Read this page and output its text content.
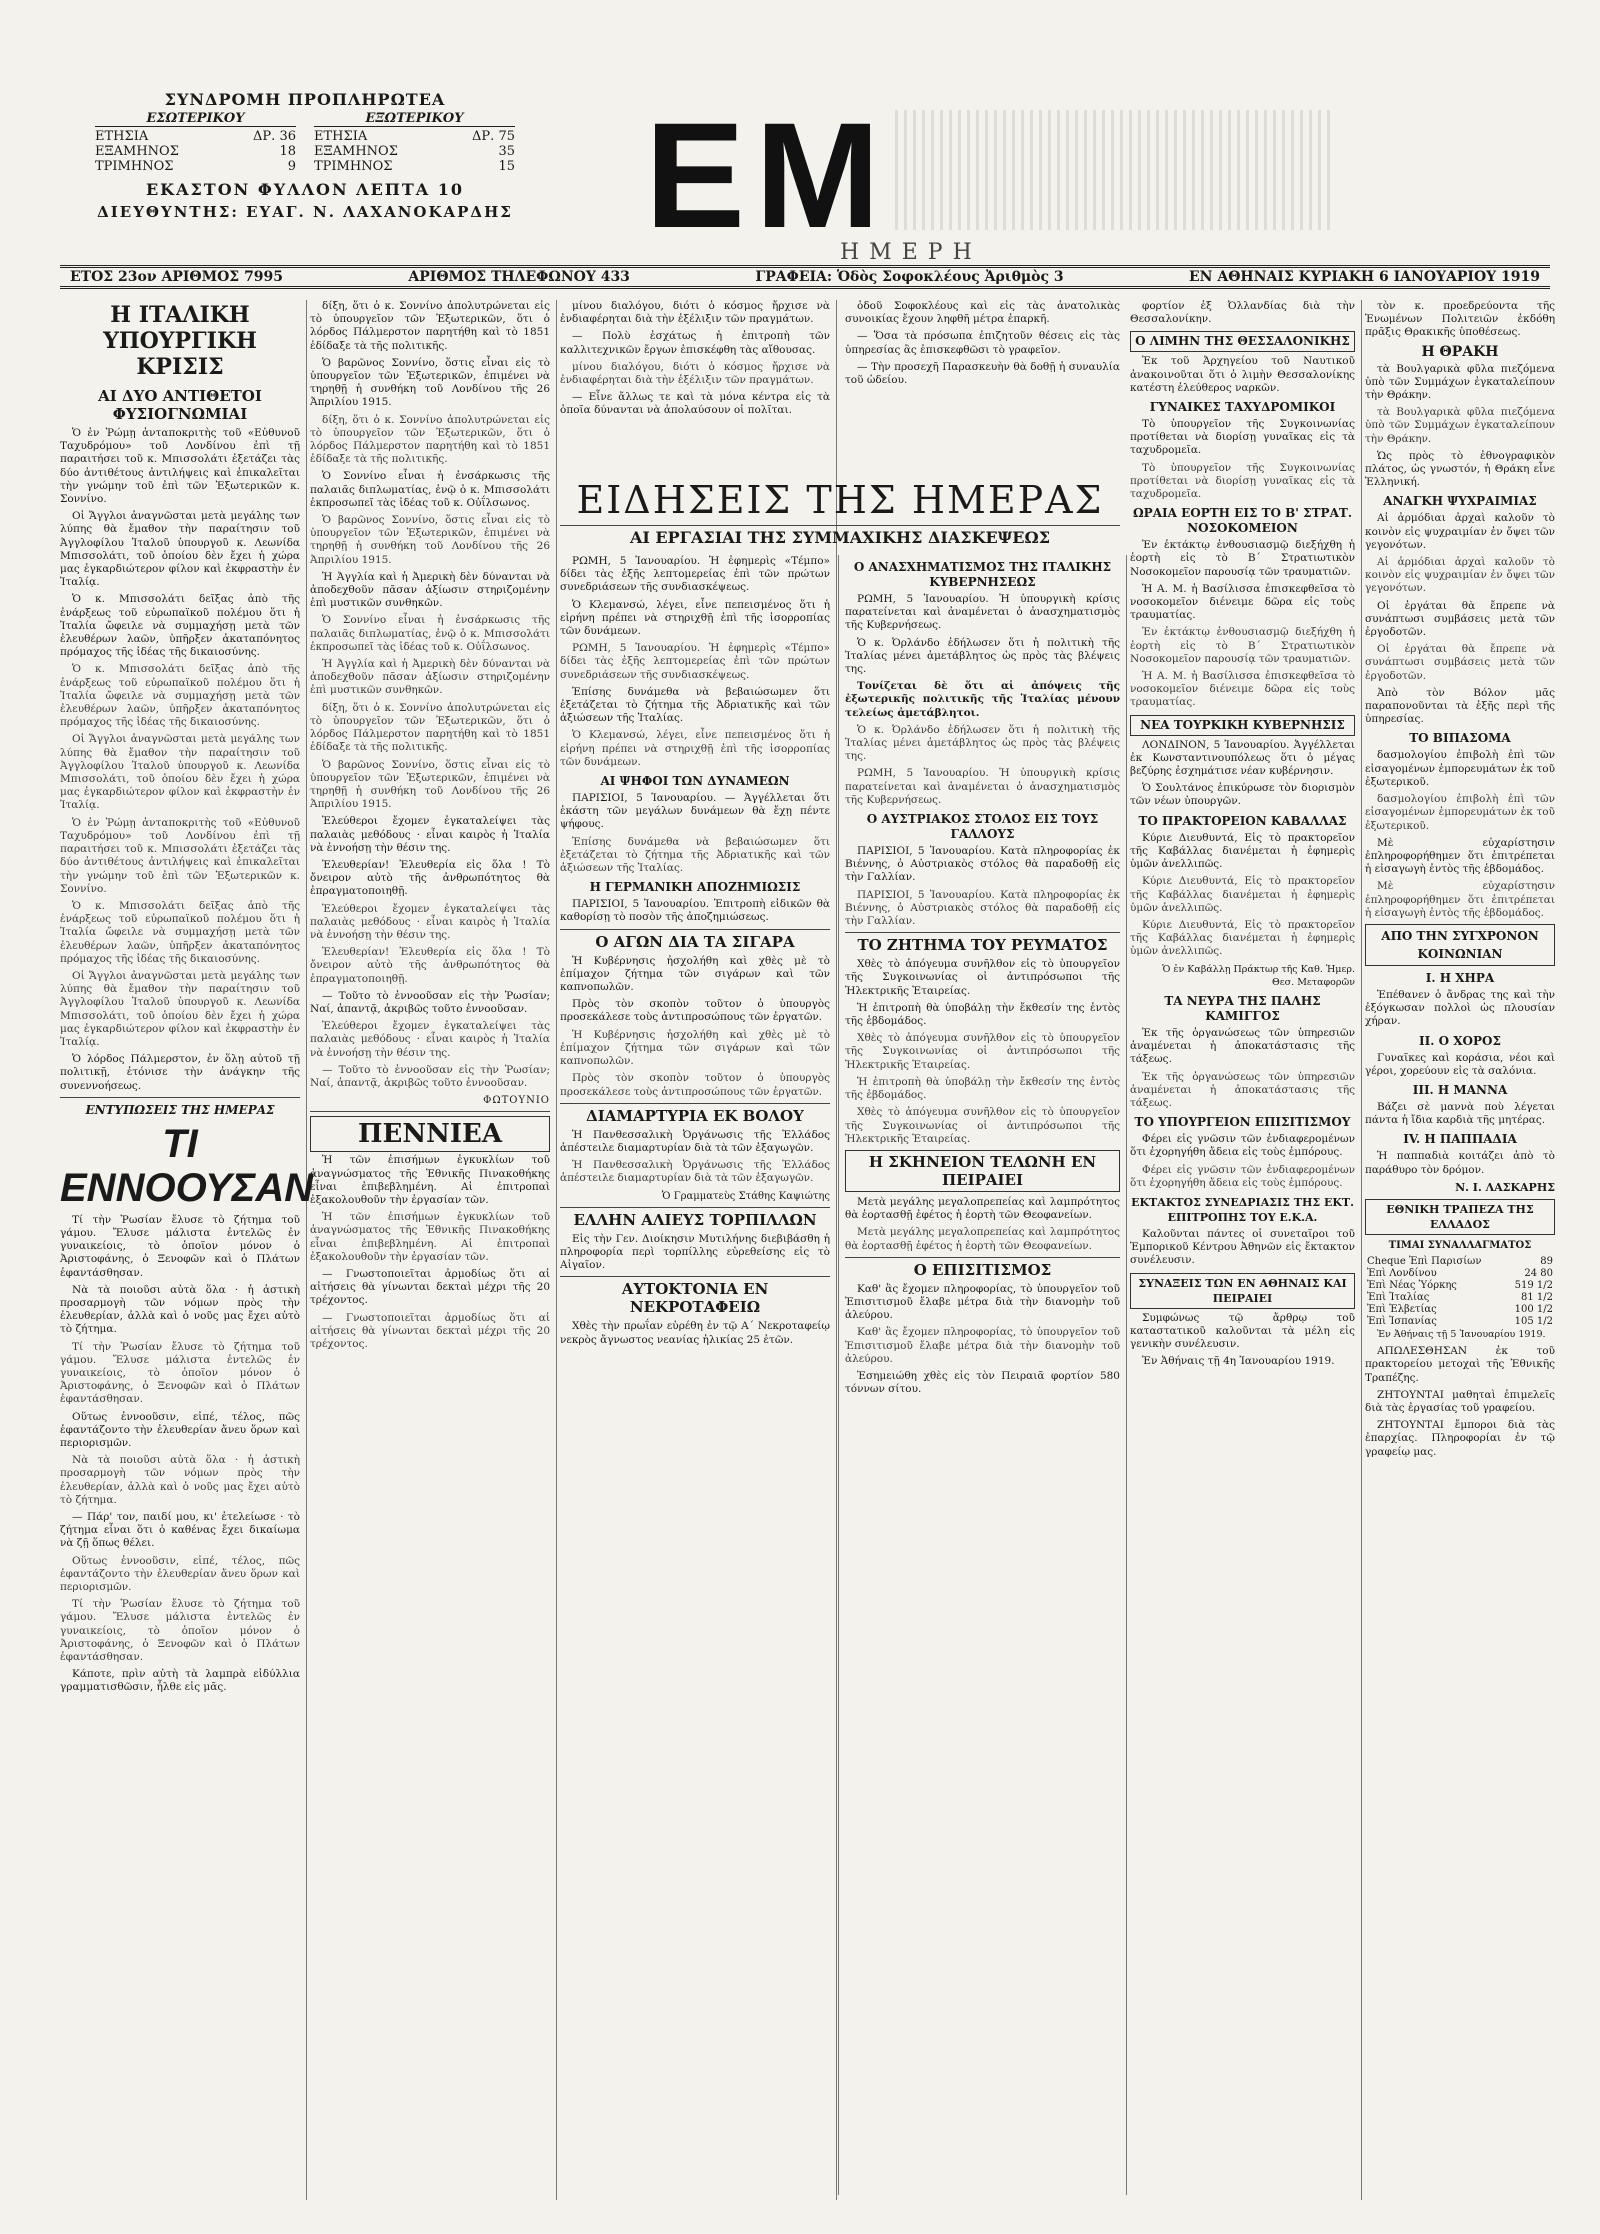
ΣΥΝΔΡΟΜΗ ΠΡΟΠΛΗΡΩΤΕΑ
ΕΣΩΤΕΡΙΚΟΥ
ΕΤΗΣΙΑ	ΔΡ. 36
ΕΞΑΜΗΝΟΣ	18
ΤΡΙΜΗΝΟΣ	9
ΕΞΩΤΕΡΙΚΟΥ
ΕΤΗΣΙΑ	ΔΡ. 75
ΕΞΑΜΗΝΟΣ	35
ΤΡΙΜΗΝΟΣ	15
ΕΚΑΣΤΟΝ ΦΥΛΛΟΝ ΛΕΠΤΑ 10
ΔΙΕΥΘΥΝΤΗΣ: ΕΥΑΓ. Ν. ΛΑΧΑΝΟΚΑΡΔΗΣ ΕΜ
ΗΜΕΡΗ
ΕΤΟΣ 23ον ΑΡΙΘΜΟΣ 7995	ΑΡΙΘΜΟΣ ΤΗΛΕΦΩΝΟΥ 433	ΓΡΑΦΕΙΑ: Ὁδὸς Σοφοκλέους Ἀριθμὸς 3	ΕΝ ΑΘΗΝΑΙΣ ΚΥΡΙΑΚΗ 6 ΙΑΝΟΥΑΡΙΟΥ 1919
Η ΙΤΑΛΙΚΗ ΥΠΟΥΡΓΙΚΗ ΚΡΙΣΙΣ
ΑΙ ΔΥΟ ΑΝΤΙΘΕΤΟΙ ΦΥΣΙΟΓΝΩΜΙΑΙ

Ὁ ἐν Ῥώμῃ ἀνταποκριτὴς τοῦ «Εὐθυνοῦ Ταχυδρόμου» τοῦ Λονδίνου ἐπὶ τῇ παραιτήσει τοῦ κ. Μπισσολάτι ἐξετάζει τὰς δύο ἀντιθέτους ἀντιλήψεις καὶ ἐπικαλεῖται τὴν γνώμην τοῦ ἐπὶ τῶν Ἐξωτερικῶν κ. Σοννίνο.

Οἱ Ἄγγλοι ἀναγνῶσται μετὰ μεγάλης των λύπης θὰ ἔμαθον τὴν παραίτησιν τοῦ Ἀγγλοφίλου Ἰταλοῦ ὑπουργοῦ κ. Λεωνίδα Μπισσολάτι, τοῦ ὁποίου δὲν ἔχει ἡ χώρα μας ἐγκαρδιώτερον φίλον καὶ ἐκφραστὴν ἐν Ἰταλίᾳ.

Ὁ κ. Μπισσολάτι δεῖξας ἀπὸ τῆς ἐνάρξεως τοῦ εὐρωπαϊκοῦ πολέμου ὅτι ἡ Ἰταλία ὤφειλε νὰ συμμαχήσῃ μετὰ τῶν ἐλευθέρων λαῶν, ὑπῆρξεν ἀκαταπόνητος πρόμαχος τῆς ἰδέας τῆς δικαιοσύνης.

Ὁ κ. Μπισσολάτι δεῖξας ἀπὸ τῆς ἐνάρξεως τοῦ εὐρωπαϊκοῦ πολέμου ὅτι ἡ Ἰταλία ὤφειλε νὰ συμμαχήσῃ μετὰ τῶν ἐλευθέρων λαῶν, ὑπῆρξεν ἀκαταπόνητος πρόμαχος τῆς ἰδέας τῆς δικαιοσύνης.

Οἱ Ἄγγλοι ἀναγνῶσται μετὰ μεγάλης των λύπης θὰ ἔμαθον τὴν παραίτησιν τοῦ Ἀγγλοφίλου Ἰταλοῦ ὑπουργοῦ κ. Λεωνίδα Μπισσολάτι, τοῦ ὁποίου δὲν ἔχει ἡ χώρα μας ἐγκαρδιώτερον φίλον καὶ ἐκφραστὴν ἐν Ἰταλίᾳ.

Ὁ ἐν Ῥώμῃ ἀνταποκριτὴς τοῦ «Εὐθυνοῦ Ταχυδρόμου» τοῦ Λονδίνου ἐπὶ τῇ παραιτήσει τοῦ κ. Μπισσολάτι ἐξετάζει τὰς δύο ἀντιθέτους ἀντιλήψεις καὶ ἐπικαλεῖται τὴν γνώμην τοῦ ἐπὶ τῶν Ἐξωτερικῶν κ. Σοννίνο.

Ὁ κ. Μπισσολάτι δεῖξας ἀπὸ τῆς ἐνάρξεως τοῦ εὐρωπαϊκοῦ πολέμου ὅτι ἡ Ἰταλία ὤφειλε νὰ συμμαχήσῃ μετὰ τῶν ἐλευθέρων λαῶν, ὑπῆρξεν ἀκαταπόνητος πρόμαχος τῆς ἰδέας τῆς δικαιοσύνης.

Οἱ Ἄγγλοι ἀναγνῶσται μετὰ μεγάλης των λύπης θὰ ἔμαθον τὴν παραίτησιν τοῦ Ἀγγλοφίλου Ἰταλοῦ ὑπουργοῦ κ. Λεωνίδα Μπισσολάτι, τοῦ ὁποίου δὲν ἔχει ἡ χώρα μας ἐγκαρδιώτερον φίλον καὶ ἐκφραστὴν ἐν Ἰταλίᾳ.

Ὁ λόρδος Πάλμερστον, ἐν ὅλῃ αὐτοῦ τῇ πολιτικῇ, ἐτόνισε τὴν ἀνάγκην τῆς συνεννοήσεως.

ΕΝΤΥΠΩΣΕΙΣ ΤΗΣ ΗΜΕΡΑΣ
ΤΙ ΕΝΝΟΟΥΣΑΝ

Τί τὴν Ῥωσίαν ἔλυσε τὸ ζήτημα τοῦ γάμου. Ἔλυσε μάλιστα ἐντελῶς ἐν γυναικείοις, τὸ ὁποῖον μόνον ὁ Ἀριστοφάνης, ὁ Ξενοφῶν καὶ ὁ Πλάτων ἐφαντάσθησαν.

Νὰ τὰ ποιοῦσι αὐτὰ ὅλα · ἡ ἀστικὴ προσαρμογὴ τῶν νόμων πρὸς τὴν ἐλευθερίαν, ἀλλὰ καὶ ὁ νοῦς μας ἔχει αὐτὸ τὸ ζήτημα.

Τί τὴν Ῥωσίαν ἔλυσε τὸ ζήτημα τοῦ γάμου. Ἔλυσε μάλιστα ἐντελῶς ἐν γυναικείοις, τὸ ὁποῖον μόνον ὁ Ἀριστοφάνης, ὁ Ξενοφῶν καὶ ὁ Πλάτων ἐφαντάσθησαν.

Οὕτως ἐννοοῦσιν, εἰπέ, τέλος, πῶς ἐφαντάζοντο τὴν ἐλευθερίαν ἄνευ ὅρων καὶ περιορισμῶν.

Νὰ τὰ ποιοῦσι αὐτὰ ὅλα · ἡ ἀστικὴ προσαρμογὴ τῶν νόμων πρὸς τὴν ἐλευθερίαν, ἀλλὰ καὶ ὁ νοῦς μας ἔχει αὐτὸ τὸ ζήτημα.

— Πάρ' τον, παιδί μου, κι' ἐτελείωσε · τὸ ζήτημα εἶναι ὅτι ὁ καθένας ἔχει δικαίωμα νὰ ζῇ ὅπως θέλει.

Οὕτως ἐννοοῦσιν, εἰπέ, τέλος, πῶς ἐφαντάζοντο τὴν ἐλευθερίαν ἄνευ ὅρων καὶ περιορισμῶν.

Τί τὴν Ῥωσίαν ἔλυσε τὸ ζήτημα τοῦ γάμου. Ἔλυσε μάλιστα ἐντελῶς ἐν γυναικείοις, τὸ ὁποῖον μόνον ὁ Ἀριστοφάνης, ὁ Ξενοφῶν καὶ ὁ Πλάτων ἐφαντάσθησαν.

Κάποτε, πρὶν αὐτὴ τὰ λαμπρὰ εἰδύλλια γραμματισθῶσιν, ἦλθε εἰς μᾶς.

δίξη, ὅτι ὁ κ. Σοννίνο ἀπολυτρώνεται εἰς τὸ ὑπουργεῖον τῶν Ἐξωτερικῶν, ὅτι ὁ λόρδος Πάλμερστον παρητήθη καὶ τὸ 1851 ἐδίδαξε τὰ τῆς πολιτικῆς.

Ὁ βαρῶνος Σοννίνο, ὅστις εἶναι εἰς τὸ ὑπουργεῖον τῶν Ἐξωτερικῶν, ἐπιμένει νὰ τηρηθῇ ἡ συνθήκη τοῦ Λονδίνου τῆς 26 Ἀπριλίου 1915.

δίξη, ὅτι ὁ κ. Σοννίνο ἀπολυτρώνεται εἰς τὸ ὑπουργεῖον τῶν Ἐξωτερικῶν, ὅτι ὁ λόρδος Πάλμερστον παρητήθη καὶ τὸ 1851 ἐδίδαξε τὰ τῆς πολιτικῆς.

Ὁ Σοννίνο εἶναι ἡ ἐνσάρκωσις τῆς παλαιᾶς διπλωματίας, ἐνῷ ὁ κ. Μπισσολάτι ἐκπροσωπεῖ τὰς ἰδέας τοῦ κ. Οὐΐλσωνος.

Ὁ βαρῶνος Σοννίνο, ὅστις εἶναι εἰς τὸ ὑπουργεῖον τῶν Ἐξωτερικῶν, ἐπιμένει νὰ τηρηθῇ ἡ συνθήκη τοῦ Λονδίνου τῆς 26 Ἀπριλίου 1915.

Ἡ Ἀγγλία καὶ ἡ Ἀμερικὴ δὲν δύνανται νὰ ἀποδεχθοῦν πᾶσαν ἀξίωσιν στηριζομένην ἐπὶ μυστικῶν συνθηκῶν.

Ὁ Σοννίνο εἶναι ἡ ἐνσάρκωσις τῆς παλαιᾶς διπλωματίας, ἐνῷ ὁ κ. Μπισσολάτι ἐκπροσωπεῖ τὰς ἰδέας τοῦ κ. Οὐΐλσωνος.

Ἡ Ἀγγλία καὶ ἡ Ἀμερικὴ δὲν δύνανται νὰ ἀποδεχθοῦν πᾶσαν ἀξίωσιν στηριζομένην ἐπὶ μυστικῶν συνθηκῶν.

δίξη, ὅτι ὁ κ. Σοννίνο ἀπολυτρώνεται εἰς τὸ ὑπουργεῖον τῶν Ἐξωτερικῶν, ὅτι ὁ λόρδος Πάλμερστον παρητήθη καὶ τὸ 1851 ἐδίδαξε τὰ τῆς πολιτικῆς.

Ὁ βαρῶνος Σοννίνο, ὅστις εἶναι εἰς τὸ ὑπουργεῖον τῶν Ἐξωτερικῶν, ἐπιμένει νὰ τηρηθῇ ἡ συνθήκη τοῦ Λονδίνου τῆς 26 Ἀπριλίου 1915.

Ἐλεύθεροι ἔχομεν ἐγκαταλείψει τὰς παλαιὰς μεθόδους · εἶναι καιρὸς ἡ Ἰταλία νὰ ἐννοήσῃ τὴν θέσιν της.

Ἐλευθερίαν! Ἐλευθερία εἰς ὅλα ! Τὸ ὄνειρον αὐτὸ τῆς ἀνθρωπότητος θὰ ἐπραγματοποιηθῇ.

Ἐλεύθεροι ἔχομεν ἐγκαταλείψει τὰς παλαιὰς μεθόδους · εἶναι καιρὸς ἡ Ἰταλία νὰ ἐννοήσῃ τὴν θέσιν της.

Ἐλευθερίαν! Ἐλευθερία εἰς ὅλα ! Τὸ ὄνειρον αὐτὸ τῆς ἀνθρωπότητος θὰ ἐπραγματοποιηθῇ.

— Τοῦτο τὸ ἐννοοῦσαν εἰς τὴν Ῥωσίαν; Ναί, ἀπαντᾷ, ἀκριβῶς τοῦτο ἐννοοῦσαν.

Ἐλεύθεροι ἔχομεν ἐγκαταλείψει τὰς παλαιὰς μεθόδους · εἶναι καιρὸς ἡ Ἰταλία νὰ ἐννοήσῃ τὴν θέσιν της.

— Τοῦτο τὸ ἐννοοῦσαν εἰς τὴν Ῥωσίαν; Ναί, ἀπαντᾷ, ἀκριβῶς τοῦτο ἐννοοῦσαν.

ΦΩΤΟΥΝΙΟ
ΠΕΝΝΙΕΑ

Ἡ τῶν ἐπισήμων ἐγκυκλίων τοῦ ἀναγνώσματος τῆς Ἐθνικῆς Πινακοθήκης εἶναι ἐπιβεβλημένη. Αἱ ἐπιτροπαὶ ἐξακολουθοῦν τὴν ἐργασίαν τῶν.

Ἡ τῶν ἐπισήμων ἐγκυκλίων τοῦ ἀναγνώσματος τῆς Ἐθνικῆς Πινακοθήκης εἶναι ἐπιβεβλημένη. Αἱ ἐπιτροπαὶ ἐξακολουθοῦν τὴν ἐργασίαν τῶν.

— Γνωστοποιεῖται ἀρμοδίως ὅτι αἱ αἰτήσεις θὰ γίνωνται δεκταὶ μέχρι τῆς 20 τρέχοντος.

— Γνωστοποιεῖται ἀρμοδίως ὅτι αἱ αἰτήσεις θὰ γίνωνται δεκταὶ μέχρι τῆς 20 τρέχοντος.

μίνου διαλόγου, διότι ὁ κόσμος ἤρχισε νὰ ἐνδιαφέρηται διὰ τὴν ἐξέλιξιν τῶν πραγμάτων.

— Πολὺ ἐσχάτως ἡ ἐπιτροπὴ τῶν καλλιτεχνικῶν ἔργων ἐπισκέφθη τὰς αἴθουσας.

μίνου διαλόγου, διότι ὁ κόσμος ἤρχισε νὰ ἐνδιαφέρηται διὰ τὴν ἐξέλιξιν τῶν πραγμάτων.

— Εἶνε ἄλλως τε καὶ τὰ μόνα κέντρα εἰς τὰ ὁποῖα δύνανται νὰ ἀπολαύσουν οἱ πολῖται.

ΕΙΔΗΣΕΙΣ ΤΗΣ ΗΜΕΡΑΣ
ΑΙ ΕΡΓΑΣΙΑΙ ΤΗΣ ΣΥΜΜΑΧΙΚΗΣ ΔΙΑΣΚΕΨΕΩΣ

ΡΩΜΗ, 5 Ἰανουαρίου. Ἡ ἐφημερὶς «Τέμπο» δίδει τὰς ἐξῆς λεπτομερείας ἐπὶ τῶν πρώτων συνεδριάσεων τῆς συνδιασκέψεως.

Ὁ Κλεμανσώ, λέγει, εἶνε πεπεισμένος ὅτι ἡ εἰρήνη πρέπει νὰ στηριχθῇ ἐπὶ τῆς ἰσορροπίας τῶν δυνάμεων.

ΡΩΜΗ, 5 Ἰανουαρίου. Ἡ ἐφημερὶς «Τέμπο» δίδει τὰς ἐξῆς λεπτομερείας ἐπὶ τῶν πρώτων συνεδριάσεων τῆς συνδιασκέψεως.

Ἐπίσης δυνάμεθα νὰ βεβαιώσωμεν ὅτι ἐξετάζεται τὸ ζήτημα τῆς Ἀδριατικῆς καὶ τῶν ἀξιώσεων τῆς Ἰταλίας.

Ὁ Κλεμανσώ, λέγει, εἶνε πεπεισμένος ὅτι ἡ εἰρήνη πρέπει νὰ στηριχθῇ ἐπὶ τῆς ἰσορροπίας τῶν δυνάμεων.

ΑΙ ΨΗΦΟΙ ΤΩΝ ΔΥΝΑΜΕΩΝ

ΠΑΡΙΣΙΟΙ, 5 Ἰανουαρίου. — Ἀγγέλλεται ὅτι ἑκάστη τῶν μεγάλων δυνάμεων θὰ ἔχῃ πέντε ψήφους.

Ἐπίσης δυνάμεθα νὰ βεβαιώσωμεν ὅτι ἐξετάζεται τὸ ζήτημα τῆς Ἀδριατικῆς καὶ τῶν ἀξιώσεων τῆς Ἰταλίας.

Η ΓΕΡΜΑΝΙΚΗ ΑΠΟΖΗΜΙΩΣΙΣ

ΠΑΡΙΣΙΟΙ, 5 Ἰανουαρίου. Ἐπιτροπὴ εἰδικῶν θὰ καθορίσῃ τὸ ποσὸν τῆς ἀποζημιώσεως.

Ο ΑΓΩΝ ΔΙΑ ΤΑ ΣΙΓΑΡΑ

Ἡ Κυβέρνησις ἠσχολήθη καὶ χθὲς μὲ τὸ ἐπίμαχον ζήτημα τῶν σιγάρων καὶ τῶν καπνοπωλῶν.

Πρὸς τὸν σκοπὸν τοῦτον ὁ ὑπουργὸς προσεκάλεσε τοὺς ἀντιπροσώπους τῶν ἐργατῶν.

Ἡ Κυβέρνησις ἠσχολήθη καὶ χθὲς μὲ τὸ ἐπίμαχον ζήτημα τῶν σιγάρων καὶ τῶν καπνοπωλῶν.

Πρὸς τὸν σκοπὸν τοῦτον ὁ ὑπουργὸς προσεκάλεσε τοὺς ἀντιπροσώπους τῶν ἐργατῶν.

ΔΙΑΜΑΡΤΥΡΙΑ ΕΚ ΒΟΛΟΥ

Ἡ Πανθεσσαλικὴ Ὀργάνωσις τῆς Ἑλλάδος ἀπέστειλε διαμαρτυρίαν διὰ τὰ τῶν ἐξαγωγῶν.

Ἡ Πανθεσσαλικὴ Ὀργάνωσις τῆς Ἑλλάδος ἀπέστειλε διαμαρτυρίαν διὰ τὰ τῶν ἐξαγωγῶν.

Ὁ Γραμματεὺς Στάθης Καψιώτης
ΕΛΛΗΝ ΑΛΙΕΥΣ ΤΟΡΠΙΛΛΩΝ

Εἰς τὴν Γεν. Διοίκησιν Μυτιλήνης διεβιβάσθη ἡ πληροφορία περὶ τορπίλλης εὑρεθείσης εἰς τὸ Αἰγαῖον.

ΑΥΤΟΚΤΟΝΙΑ ΕΝ ΝΕΚΡΟΤΑΦΕΙΩ

Χθὲς τὴν πρωΐαν εὑρέθη ἐν τῷ Α΄ Νεκροταφείῳ νεκρὸς ἄγνωστος νεανίας ἡλικίας 25 ἐτῶν.

ὁδοῦ Σοφοκλέους καὶ εἰς τὰς ἀνατολικὰς συνοικίας ἔχουν ληφθῆ μέτρα ἐπαρκῆ.

— Ὅσα τὰ πρόσωπα ἐπιζητοῦν θέσεις εἰς τὰς ὑπηρεσίας ἂς ἐπισκεφθῶσι τὸ γραφεῖον.

— Τὴν προσεχῆ Παρασκευὴν θὰ δοθῇ ἡ συναυλία τοῦ ὠδείου.

Ο ΑΝΑΣΧΗΜΑΤΙΣΜΟΣ ΤΗΣ ΙΤΑΛΙΚΗΣ ΚΥΒΕΡΝΗΣΕΩΣ

ΡΩΜΗ, 5 Ἰανουαρίου. Ἡ ὑπουργικὴ κρίσις παρατείνεται καὶ ἀναμένεται ὁ ἀνασχηματισμὸς τῆς Κυβερνήσεως.

Ὁ κ. Ὀρλάνδο ἐδήλωσεν ὅτι ἡ πολιτικὴ τῆς Ἰταλίας μένει ἀμετάβλητος ὡς πρὸς τὰς βλέψεις της.

Τονίζεται δὲ ὅτι αἱ ἀπόψεις τῆς ἐξωτερικῆς πολιτικῆς τῆς Ἰταλίας μένουν τελείως ἀμετάβλητοι.

Ὁ κ. Ὀρλάνδο ἐδήλωσεν ὅτι ἡ πολιτικὴ τῆς Ἰταλίας μένει ἀμετάβλητος ὡς πρὸς τὰς βλέψεις της.

ΡΩΜΗ, 5 Ἰανουαρίου. Ἡ ὑπουργικὴ κρίσις παρατείνεται καὶ ἀναμένεται ὁ ἀνασχηματισμὸς τῆς Κυβερνήσεως.

Ο ΑΥΣΤΡΙΑΚΟΣ ΣΤΟΛΟΣ ΕΙΣ ΤΟΥΣ ΓΑΛΛΟΥΣ

ΠΑΡΙΣΙΟΙ, 5 Ἰανουαρίου. Κατὰ πληροφορίας ἐκ Βιέννης, ὁ Αὐστριακὸς στόλος θὰ παραδοθῇ εἰς τὴν Γαλλίαν.

ΠΑΡΙΣΙΟΙ, 5 Ἰανουαρίου. Κατὰ πληροφορίας ἐκ Βιέννης, ὁ Αὐστριακὸς στόλος θὰ παραδοθῇ εἰς τὴν Γαλλίαν.

ΤΟ ΖΗΤΗΜΑ ΤΟΥ ΡΕΥΜΑΤΟΣ

Χθὲς τὸ ἀπόγευμα συνῆλθον εἰς τὸ ὑπουργεῖον τῆς Συγκοινωνίας οἱ ἀντιπρόσωποι τῆς Ἠλεκτρικῆς Ἑταιρείας.

Ἡ ἐπιτροπὴ θὰ ὑποβάλῃ τὴν ἔκθεσίν της ἐντὸς τῆς ἑβδομάδος.

Χθὲς τὸ ἀπόγευμα συνῆλθον εἰς τὸ ὑπουργεῖον τῆς Συγκοινωνίας οἱ ἀντιπρόσωποι τῆς Ἠλεκτρικῆς Ἑταιρείας.

Ἡ ἐπιτροπὴ θὰ ὑποβάλῃ τὴν ἔκθεσίν της ἐντὸς τῆς ἑβδομάδος.

Χθὲς τὸ ἀπόγευμα συνῆλθον εἰς τὸ ὑπουργεῖον τῆς Συγκοινωνίας οἱ ἀντιπρόσωποι τῆς Ἠλεκτρικῆς Ἑταιρείας.

Η ΣΚΗΝΕΙΟΝ ΤΕΛΩΝΗ ΕΝ ΠΕΙΡΑΙΕΙ

Μετὰ μεγάλης μεγαλοπρεπείας καὶ λαμπρότητος θὰ ἑορτασθῇ ἐφέτος ἡ ἑορτὴ τῶν Θεοφανείων.

Μετὰ μεγάλης μεγαλοπρεπείας καὶ λαμπρότητος θὰ ἑορτασθῇ ἐφέτος ἡ ἑορτὴ τῶν Θεοφανείων.

Ο ΕΠΙΣΙΤΙΣΜΟΣ

Καθ' ἃς ἔχομεν πληροφορίας, τὸ ὑπουργεῖον τοῦ Ἐπισιτισμοῦ ἔλαβε μέτρα διὰ τὴν διανομὴν τοῦ ἀλεύρου.

Καθ' ἃς ἔχομεν πληροφορίας, τὸ ὑπουργεῖον τοῦ Ἐπισιτισμοῦ ἔλαβε μέτρα διὰ τὴν διανομὴν τοῦ ἀλεύρου.

Ἐσημειώθη χθὲς εἰς τὸν Πειραιᾶ φορτίον 580 τόννων σίτου.

φορτίον ἐξ Ὀλλανδίας διὰ τὴν Θεσσαλονίκην.

Ο ΛΙΜΗΝ ΤΗΣ ΘΕΣΣΑΛΟΝΙΚΗΣ

Ἐκ τοῦ Ἀρχηγείου τοῦ Ναυτικοῦ ἀνακοινοῦται ὅτι ὁ λιμὴν Θεσσαλονίκης κατέστη ἐλεύθερος ναρκῶν.

ΓΥΝΑΙΚΕΣ ΤΑΧΥΔΡΟΜΙΚΟΙ

Τὸ ὑπουργεῖον τῆς Συγκοινωνίας προτίθεται νὰ διορίσῃ γυναῖκας εἰς τὰ ταχυδρομεῖα.

Τὸ ὑπουργεῖον τῆς Συγκοινωνίας προτίθεται νὰ διορίσῃ γυναῖκας εἰς τὰ ταχυδρομεῖα.

ΩΡΑΙΑ ΕΟΡΤΗ ΕΙΣ ΤΟ Β' ΣΤΡΑΤ. ΝΟΣΟΚΟΜΕΙΟΝ

Ἐν ἐκτάκτῳ ἐνθουσιασμῷ διεξήχθη ἡ ἑορτὴ εἰς τὸ Β΄ Στρατιωτικὸν Νοσοκομεῖον παρουσίᾳ τῶν τραυματιῶν.

Ἡ Α. Μ. ἡ Βασίλισσα ἐπισκεφθεῖσα τὸ νοσοκομεῖον διένειμε δῶρα εἰς τοὺς τραυματίας.

Ἐν ἐκτάκτῳ ἐνθουσιασμῷ διεξήχθη ἡ ἑορτὴ εἰς τὸ Β΄ Στρατιωτικὸν Νοσοκομεῖον παρουσίᾳ τῶν τραυματιῶν.

Ἡ Α. Μ. ἡ Βασίλισσα ἐπισκεφθεῖσα τὸ νοσοκομεῖον διένειμε δῶρα εἰς τοὺς τραυματίας.

ΝΕΑ ΤΟΥΡΚΙΚΗ ΚΥΒΕΡΝΗΣΙΣ

ΛΟΝΔΙΝΟΝ, 5 Ἰανουαρίου. Ἀγγέλλεται ἐκ Κωνσταντινουπόλεως ὅτι ὁ μέγας βεζύρης ἐσχημάτισε νέαν κυβέρνησιν.

Ὁ Σουλτάνος ἐπικύρωσε τὸν διορισμὸν τῶν νέων ὑπουργῶν.

ΤΟ ΠΡΑΚΤΟΡΕΙΟΝ ΚΑΒΑΛΛΑΣ

Κύριε Διευθυντά, Εἰς τὸ πρακτορεῖον τῆς Καβάλλας διανέμεται ἡ ἐφημερὶς ὑμῶν ἀνελλιπῶς.

Κύριε Διευθυντά, Εἰς τὸ πρακτορεῖον τῆς Καβάλλας διανέμεται ἡ ἐφημερὶς ὑμῶν ἀνελλιπῶς.

Κύριε Διευθυντά, Εἰς τὸ πρακτορεῖον τῆς Καβάλλας διανέμεται ἡ ἐφημερὶς ὑμῶν ἀνελλιπῶς.

Ὁ ἐν Καβάλλῃ Πράκτωρ τῆς Καθ. Ἡμερ. Θεσ. Μεταφορῶν

ΤΑ ΝΕΥΡΑ ΤΗΣ ΠΑΛΗΣ ΚΑΜΙΓΓΟΣ

Ἐκ τῆς ὀργανώσεως τῶν ὑπηρεσιῶν ἀναμένεται ἡ ἀποκατάστασις τῆς τάξεως.

Ἐκ τῆς ὀργανώσεως τῶν ὑπηρεσιῶν ἀναμένεται ἡ ἀποκατάστασις τῆς τάξεως.

ΤΟ ΥΠΟΥΡΓΕΙΟΝ ΕΠΙΣΙΤΙΣΜΟΥ

Φέρει εἰς γνῶσιν τῶν ἐνδιαφερομένων ὅτι ἐχορηγήθη ἄδεια εἰς τοὺς ἐμπόρους.

Φέρει εἰς γνῶσιν τῶν ἐνδιαφερομένων ὅτι ἐχορηγήθη ἄδεια εἰς τοὺς ἐμπόρους.

ΕΚΤΑΚΤΟΣ ΣΥΝΕΔΡΙΑΣΙΣ ΤΗΣ ΕΚΤ. ΕΠΙΤΡΟΠΗΣ ΤΟΥ Ε.Κ.Α.

Καλοῦνται πάντες οἱ συνεταῖροι τοῦ Ἐμπορικοῦ Κέντρου Ἀθηνῶν εἰς ἔκτακτον συνέλευσιν.

ΣΥΝΑΞΕΙΣ ΤΩΝ ΕΝ ΑΘΗΝΑΙΣ ΚΑΙ ΠΕΙΡΑΙΕΙ

Συμφώνως τῷ ἄρθρῳ τοῦ καταστατικοῦ καλοῦνται τὰ μέλη εἰς γενικὴν συνέλευσιν.

Ἐν Ἀθήναις τῇ 4η Ἰανουαρίου 1919.

τὸν κ. προεδρεύοντα τῆς Ἑνωμένων Πολιτειῶν ἐκδόθη πρᾶξις Θρακικῆς ὑποθέσεως.

Η ΘΡΑΚΗ

τὰ Βουλγαρικὰ φῦλα πιεζόμενα ὑπὸ τῶν Συμμάχων ἐγκαταλείπουν τὴν Θράκην.

τὰ Βουλγαρικὰ φῦλα πιεζόμενα ὑπὸ τῶν Συμμάχων ἐγκαταλείπουν τὴν Θράκην.

Ὡς πρὸς τὸ ἐθνογραφικὸν πλάτος, ὡς γνωστόν, ἡ Θράκη εἶνε Ἑλληνική.

ΑΝΑΓΚΗ ΨΥΧΡΑΙΜΙΑΣ

Αἱ ἀρμόδιαι ἀρχαὶ καλοῦν τὸ κοινὸν εἰς ψυχραιμίαν ἐν ὄψει τῶν γεγονότων.

Αἱ ἀρμόδιαι ἀρχαὶ καλοῦν τὸ κοινὸν εἰς ψυχραιμίαν ἐν ὄψει τῶν γεγονότων.

Οἱ ἐργάται θὰ ἔπρεπε νὰ συνάπτωσι συμβάσεις μετὰ τῶν ἐργοδοτῶν.

Οἱ ἐργάται θὰ ἔπρεπε νὰ συνάπτωσι συμβάσεις μετὰ τῶν ἐργοδοτῶν.

Ἀπὸ τὸν Βόλον μᾶς παραπονοῦνται τὰ ἑξῆς περὶ τῆς ὑπηρεσίας.

ΤΟ ΒΙΠΑΣΟΜΑ

δασμολογίου ἐπιβολὴ ἐπὶ τῶν εἰσαγομένων ἐμπορευμάτων ἐκ τοῦ ἐξωτερικοῦ.

δασμολογίου ἐπιβολὴ ἐπὶ τῶν εἰσαγομένων ἐμπορευμάτων ἐκ τοῦ ἐξωτερικοῦ.

Μὲ εὐχαρίστησιν ἐπληροφορήθημεν ὅτι ἐπιτρέπεται ἡ εἰσαγωγὴ ἐντὸς τῆς ἑβδομάδος.

Μὲ εὐχαρίστησιν ἐπληροφορήθημεν ὅτι ἐπιτρέπεται ἡ εἰσαγωγὴ ἐντὸς τῆς ἑβδομάδος.

ΑΠΟ ΤΗΝ ΣΥΓΧΡΟΝΟΝ ΚΟΙΝΩΝΙΑΝ
Ι. Η ΧΗΡΑ

Ἐπέθανεν ὁ ἄνδρας της καὶ τὴν ἐξόγκωσαν πολλοὶ ὡς πλουσίαν χήραν.

ΙΙ. Ο ΧΟΡΟΣ

Γυναῖκες καὶ κοράσια, νέοι καὶ γέροι, χορεύουν εἰς τὰ σαλόνια.

ΙΙΙ. Η ΜΑΝΝΑ

Βάζει σὲ μαννὰ ποὺ λέγεται πάντα ἡ ἴδια καρδιὰ τῆς μητέρας.

ΙV. Η ΠΑΠΠΑΔΙΑ

Ἡ παππαδιὰ κοιτάζει ἀπὸ τὸ παράθυρο τὸν δρόμον.

Ν. Ι. ΛΑΣΚΑΡΗΣ
ΕΘΝΙΚΗ ΤΡΑΠΕΖΑ ΤΗΣ ΕΛΛΑΔΟΣ
ΤΙΜΑΙ ΣΥΝΑΛΛΑΓΜΑΤΟΣ
Cheque Ἐπὶ Παρισίων	89
Ἐπὶ Λονδίνου	24 80
Ἐπὶ Νέας Ὑόρκης	519 1/2
Ἐπὶ Ἰταλίας	81 1/2
Ἐπὶ Ἑλβετίας	100 1/2
Ἐπὶ Ἱσπανίας	105 1/2

Ἐν Ἀθήναις τῇ 5 Ἰανουαρίου 1919.

ΑΠΩΛΕΣΘΗΣΑΝ ἐκ τοῦ πρακτορείου μετοχαὶ τῆς Ἐθνικῆς Τραπέζης.

ΖΗΤΟΥΝΤΑΙ μαθηταὶ ἐπιμελεῖς διὰ τὰς ἐργασίας τοῦ γραφείου.

ΖΗΤΟΥΝΤΑΙ ἔμποροι διὰ τὰς ἐπαρχίας. Πληροφορίαι ἐν τῷ γραφείῳ μας.
